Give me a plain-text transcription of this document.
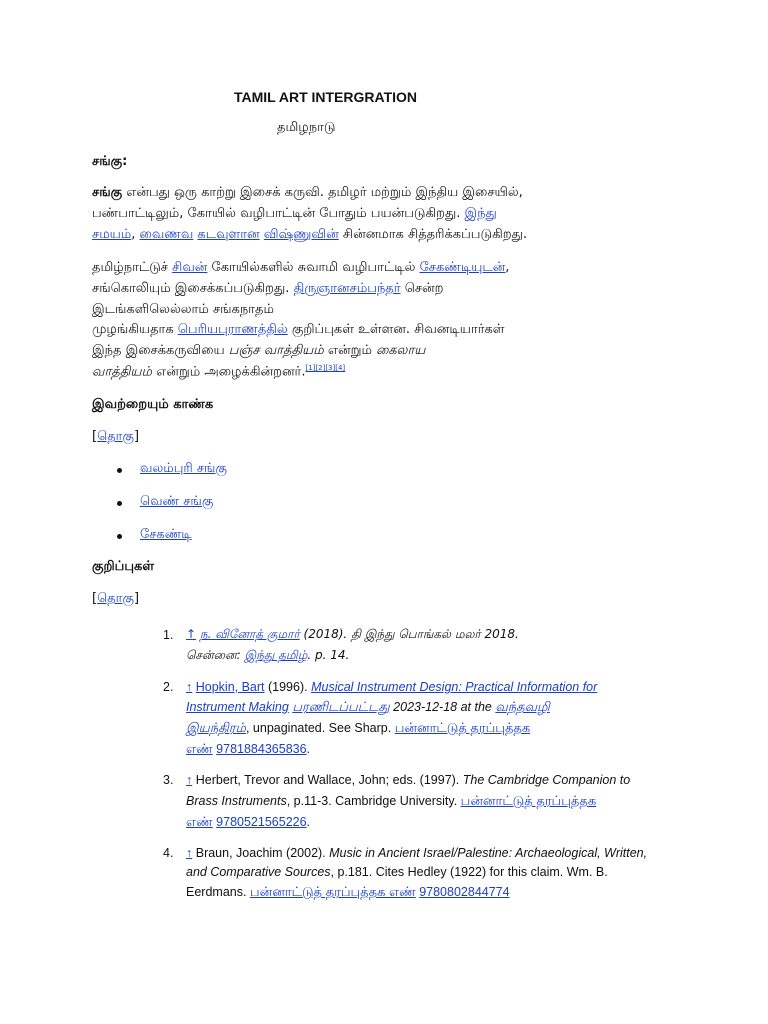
TAMIL ART INTERGRATION
தமிழநாடு
சங்கு:
சங்கு என்பது ஒரு காற்று இசைக் கருவி. தமிழர் மற்றும் இந்திய இசையில்,
பண்பாட்டிலும், கோயில் வழிபாட்டின் போதும் பயன்படுகிறது. இந்து
சமயம், வைணவ கடவுளான விஷ்ணுவின் சின்னமாக சித்தரிக்கப்படுகிறது.
தமிழ்நாட்டுச் சிவன் கோயில்களில் சுவாமி வழிபாட்டில் சேகண்டியுடன்,
சங்கொலியும் இசைக்கப்படுகிறது. திருஞானசம்பந்தர் சென்ற
இடங்களிலெல்லாம் சங்கநாதம்
முழங்கியதாக பெரியபுராணத்தில் குறிப்புகள் உள்ளன. சிவனடியார்கள்
இந்த இசைக்கருவியை பஞ்ச வாத்தியம் என்றும் கைலாய
வாத்தியம் என்றும் அழைக்கின்றனர்.[1][2][3][4]
இவற்றையும் காண்க
[தொகு]
வலம்புரி சங்கு
வெண் சங்கு
சேகண்டி
குறிப்புகள்
[தொகு]
1. ↑ ந. வினோத் குமார் (2018). தி இந்து பொங்கல் மலர் 2018.
சென்னை: இந்து தமிழ். p. 14.
2. ↑ Hopkin, Bart (1996). Musical Instrument Design: Practical Information for
Instrument Making பரணிடப்பட்டது 2023-12-18 at the வந்தவழி
இயந்திரம், unpaginated. See Sharp. பன்னாட்டுத் தரப்புத்தக
எண் 9781884365836.
3. ↑ Herbert, Trevor and Wallace, John; eds. (1997). The Cambridge Companion to
Brass Instruments, p.11-3. Cambridge University. பன்னாட்டுத் தரப்புத்தக
எண் 9780521565226.
4. ↑ Braun, Joachim (2002). Music in Ancient Israel/Palestine: Archaeological, Written,
and Comparative Sources, p.181. Cites Hedley (1922) for this claim. Wm. B.
Eerdmans. பன்னாட்டுத் தரப்புத்தக எண் 9780802844774
